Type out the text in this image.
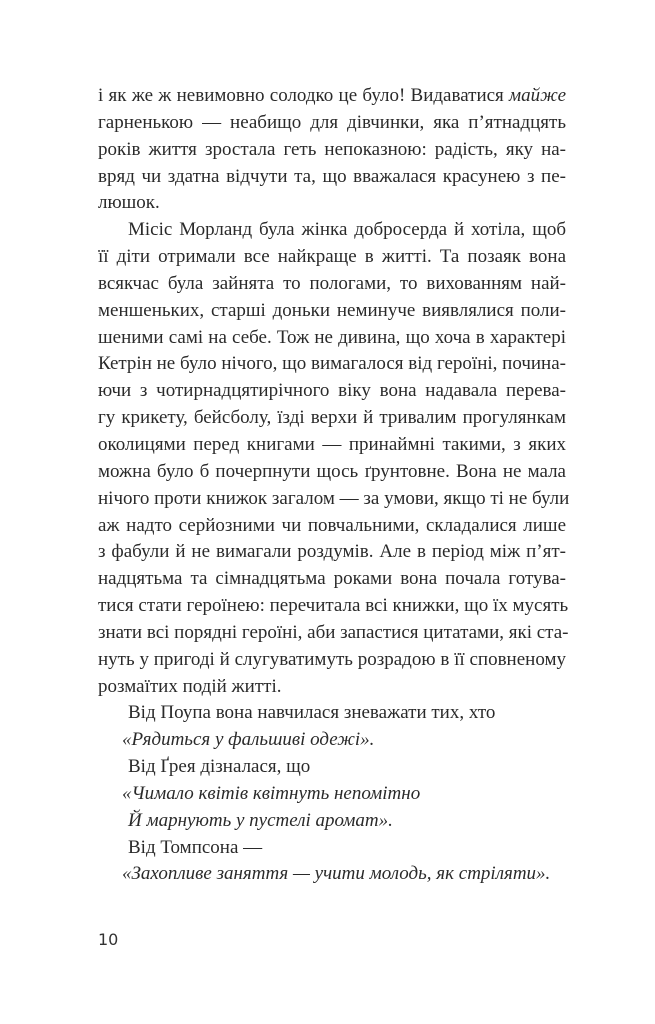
і як же ж невимовно солодко це було! Видаватися майже
гарненькою — неабищо для дівчинки, яка п’ятнадцять
років життя зростала геть непоказною: радість, яку на-
вряд чи здатна відчути та, що вважалася красунею з пе-
люшок.
Місіс Морланд була жінка добросерда й хотіла, щоб
її діти отримали все найкраще в житті. Та позаяк вона
всякчас була зайнята то пологами, то вихованням най-
меншеньких, старші доньки неминуче виявлялися поли-
шеними самі на себе. Тож не дивина, що хоча в характері
Кетрін не було нічого, що вимагалося від героїні, почина-
ючи з чотирнадцятирічного віку вона надавала перева-
гу крикету, бейсболу, їзді верхи й тривалим прогулянкам
околицями перед книгами — принаймні такими, з яких
можна було б почерпнути щось ґрунтовне. Вона не мала
нічого проти книжок загалом — за умови, якщо ті не були
аж надто серйозними чи повчальними, складалися лише
з фабули й не вимагали роздумів. Але в період між п’ят-
надцятьма та сімнадцятьма роками вона почала готува-
тися стати героїнею: перечитала всі книжки, що їх мусять
знати всі порядні героїні, аби запастися цитатами, які ста-
нуть у пригоді й слугуватимуть розрадою в її сповненому
розмаїтих подій житті.
Від Поупа вона навчилася зневажати тих, хто
«Рядиться у фальшиві одежі».
Від Ґрея дізналася, що
«Чимало квітів квітнуть непомітно
Й марнують у пустелі аромат».
Від Томпсона —
«Захопливе заняття — учити молодь, як стріляти».
10
